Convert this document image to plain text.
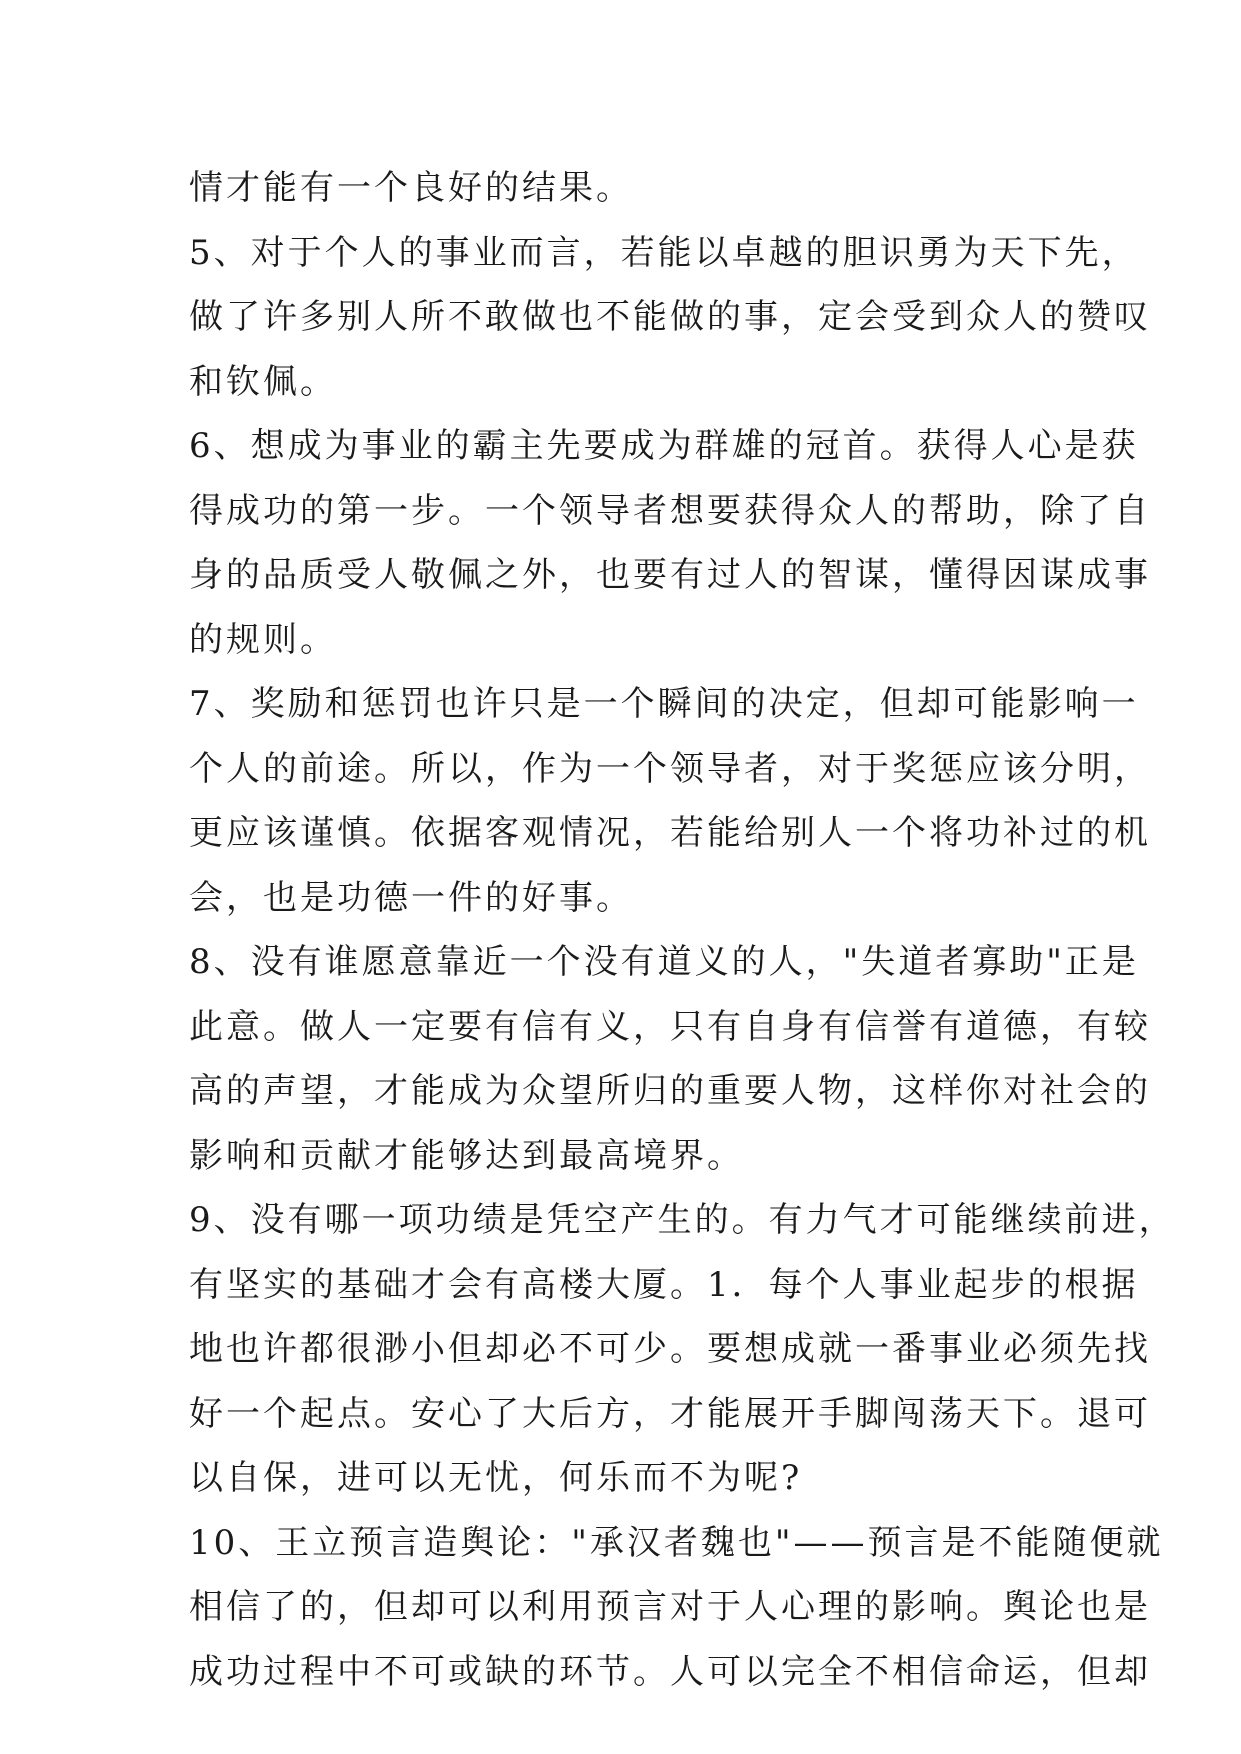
情才能有一个良好的结果。
5、对于个人的事业而言，若能以卓越的胆识勇为天下先，
做了许多别人所不敢做也不能做的事，定会受到众人的赞叹
和钦佩。
6、想成为事业的霸主先要成为群雄的冠首。获得人心是获
得成功的第一步。一个领导者想要获得众人的帮助，除了自
身的品质受人敬佩之外，也要有过人的智谋，懂得因谋成事
的规则。
7、奖励和惩罚也许只是一个瞬间的决定，但却可能影响一
个人的前途。所以，作为一个领导者，对于奖惩应该分明，
更应该谨慎。依据客观情况，若能给别人一个将功补过的机
会，也是功德一件的好事。
8、没有谁愿意靠近一个没有道义的人，"失道者寡助"正是
此意。做人一定要有信有义，只有自身有信誉有道德，有较
高的声望，才能成为众望所归的重要人物，这样你对社会的
影响和贡献才能够达到最高境界。
9、没有哪一项功绩是凭空产生的。有力气才可能继续前进，
有坚实的基础才会有高楼大厦。1．每个人事业起步的根据
地也许都很渺小但却必不可少。要想成就一番事业必须先找
好一个起点。安心了大后方，才能展开手脚闯荡天下。退可
以自保，进可以无忧，何乐而不为呢?
10、王立预言造舆论："承汉者魏也"——预言是不能随便就
相信了的，但却可以利用预言对于人心理的影响。舆论也是
成功过程中不可或缺的环节。人可以完全不相信命运，但却
